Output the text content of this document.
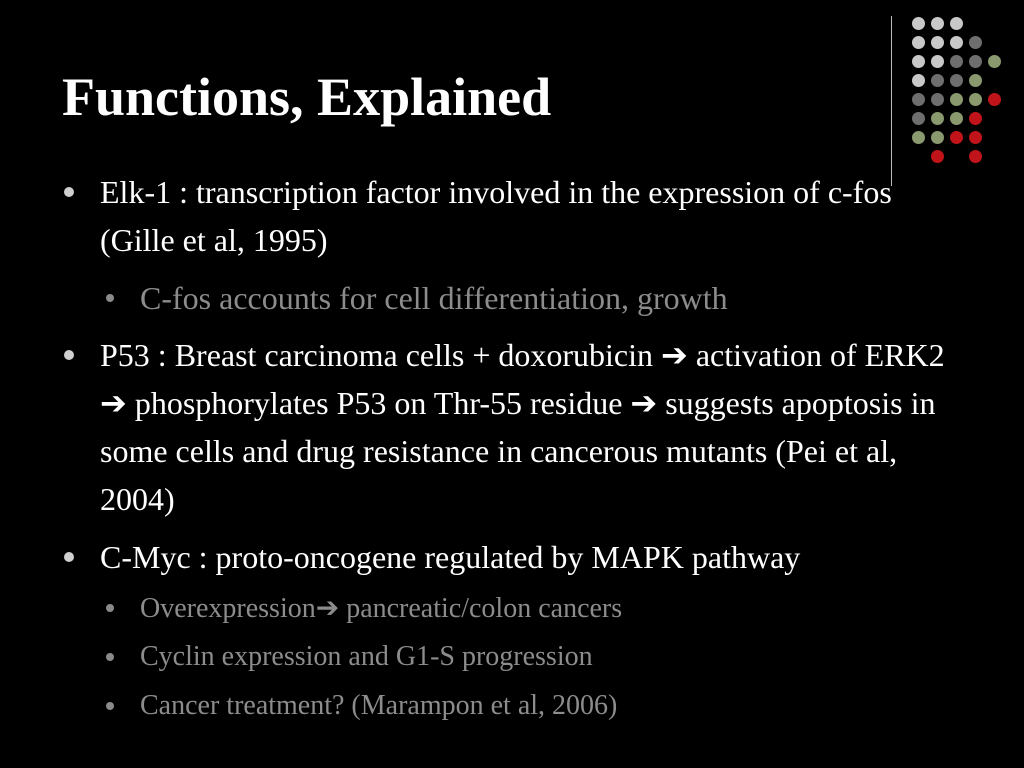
Functions, Explained
Elk-1 : transcription factor involved in the expression of c-fos (Gille et al, 1995)
C-fos accounts for cell differentiation, growth
P53 : Breast carcinoma cells + doxorubicin ➔ activation of ERK2 ➔ phosphorylates P53 on Thr-55 residue ➔ suggests apoptosis in some cells and drug resistance in cancerous mutants (Pei et al, 2004)
C-Myc : proto-oncogene regulated by MAPK pathway
Overexpression➔ pancreatic/colon cancers
Cyclin expression and G1-S progression
Cancer treatment? (Marampon et al, 2006)
